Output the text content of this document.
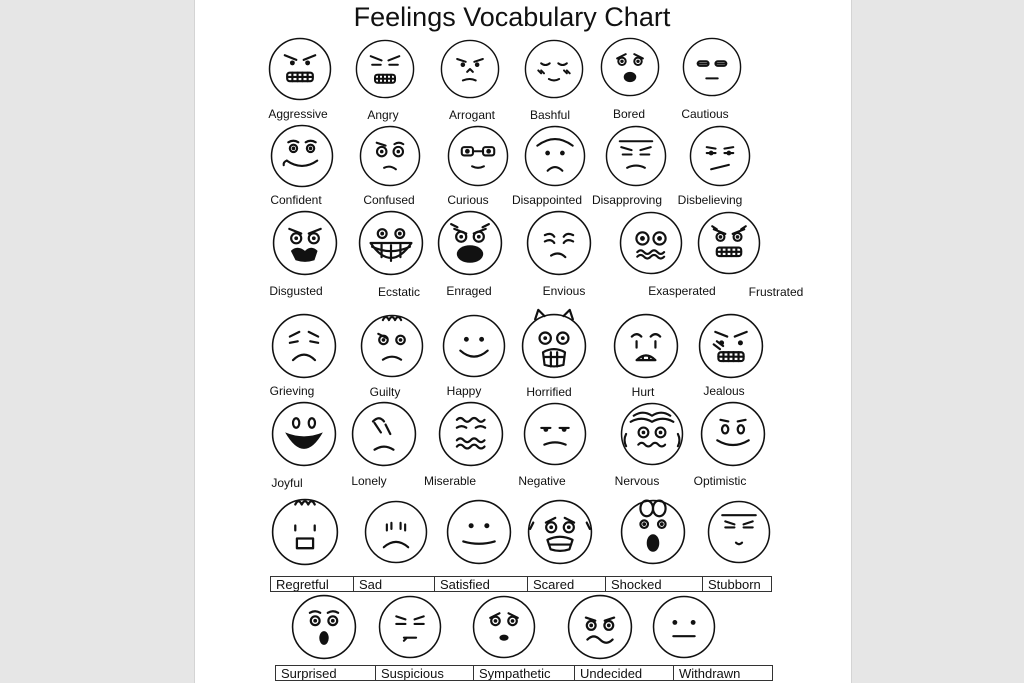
Feelings Vocabulary Chart
Aggressive	Angry	Arrogant	Bashful	Bored	Cautious
Confident	Confused	Curious Disappointed Disapproving Disbelieving
Disgusted	Ecstatic Enraged	Envious	Exasperated	Frustrated
Grieving	Guilty	Happy	Horrified	Hurt	Jealous
Joyful	Lonely	Miserable	Negative	Nervous	Optimistic
Regretful	Sad	Satisfied	Scared	Shocked	Stubborn
Surprised	Suspicious	Sympathetic	Undecided	Withdrawn
